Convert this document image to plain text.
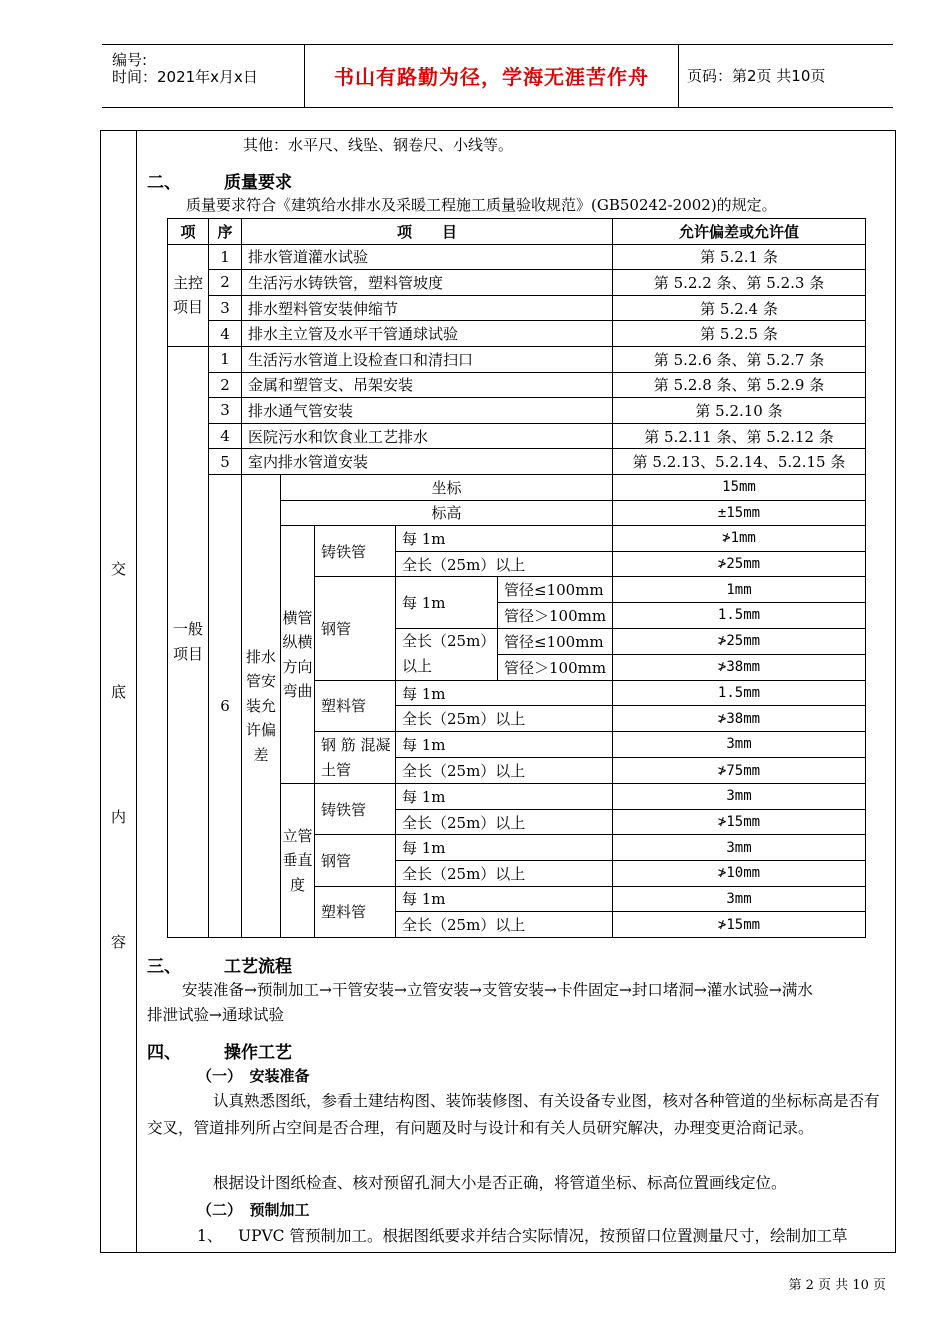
编号:
时间：2021年x月x日	书山有路勤为径，学海无涯苦作舟	页码：第2页 共10页
交
底
内
容
其他：水平尺、线坠、钢卷尺、小线等。
二、	质量要求
质量要求符合《建筑给水排水及采暖工程施工质量验收规范》(GB50242-2002)的规定。
项	序	项　　目					允许偏差或允许值
主控项目	1	排水管道灌水试验					第 5.2.1 条
	2	生活污水铸铁管，塑料管坡度					第 5.2.2 条、第 5.2.3 条
	3	排水塑料管安装伸缩节					第 5.2.4 条
	4	排水主立管及水平干管通球试验					第 5.2.5 条
一般项目	1	生活污水管道上设检查口和清扫口					第 5.2.6 条、第 5.2.7 条
	2	金属和塑管支、吊架安装					第 5.2.8 条、第 5.2.9 条
	3	排水通气管安装					第 5.2.10 条
	4	医院污水和饮食业工艺排水					第 5.2.11 条、第 5.2.12 条
	5	室内排水管道安装					第 5.2.13、5.2.14、5.2.15 条
	6	排水管安装允许偏差	坐标				15mm
			标高				±15mm
			横管纵横方向弯曲	铸铁管	每 1m		≯1mm
					全长（25m）以上		≯25mm
				钢管	每 1m	管径≤100mm	1mm
						管径＞100mm	1.5mm
					全长（25m）以上	管径≤100mm	≯25mm
						管径＞100mm	≯38mm
				塑料管	每 1m		1.5mm
					全长（25m）以上		≯38mm
				钢 筋 混凝土管	每 1m		3mm
					全长（25m）以上		≯75mm
			立管垂直度	铸铁管	每 1m		3mm
					全长（25m）以上		≯15mm
				钢管	每 1m		3mm
					全长（25m）以上		≯10mm
				塑料管	每 1m		3mm
					全长（25m）以上		≯15mm
三、	工艺流程
安装准备→预制加工→干管安装→立管安装→支管安装→卡件固定→封口堵洞→灌水试验→满水
排泄试验→通球试验
四、	操作工艺
（一）　安装准备
认真熟悉图纸，参看土建结构图、装饰装修图、有关设备专业图，核对各种管道的坐标标高是否有交叉，管道排列所占空间是否合理，有问题及时与设计和有关人员研究解决，办理变更洽商记录。
根据设计图纸检查、核对预留孔洞大小是否正确，将管道坐标、标高位置画线定位。
（二）　预制加工
1、 UPVC 管预制加工。根据图纸要求并结合实际情况，按预留口位置测量尺寸，绘制加工草
第 2 页 共 10 页
